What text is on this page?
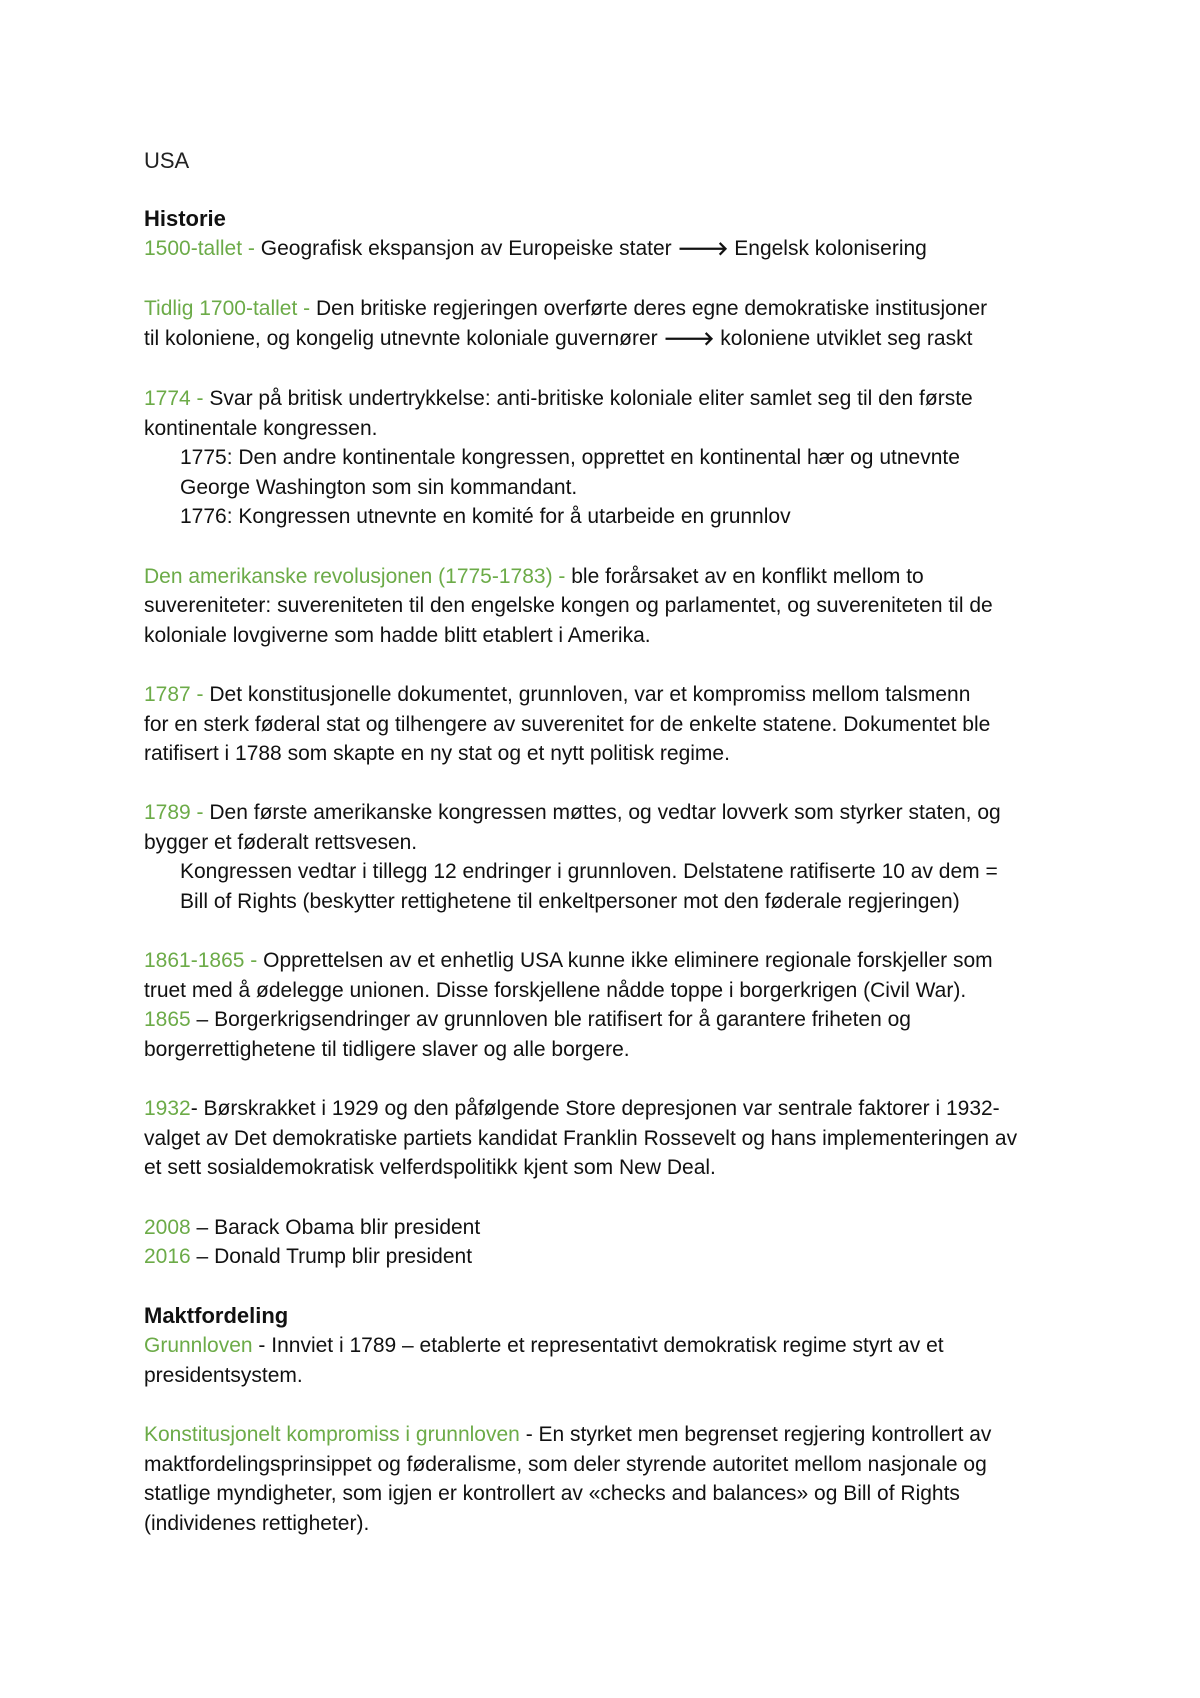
USA
Historie
1500-tallet - Geografisk ekspansjon av Europeiske stater 🡒 Engelsk kolonisering
Tidlig 1700-tallet - Den britiske regjeringen overførte deres egne demokratiske institusjoner
til koloniene, og kongelig utnevnte koloniale guvernører 🡒 koloniene utviklet seg raskt
1774 - Svar på britisk undertrykkelse: anti-britiske koloniale eliter samlet seg til den første
kontinentale kongressen.
1775: Den andre kontinentale kongressen, opprettet en kontinental hær og utnevnte
George Washington som sin kommandant.
1776: Kongressen utnevnte en komité for å utarbeide en grunnlov
Den amerikanske revolusjonen (1775-1783) - ble forårsaket av en konflikt mellom to
suvereniteter: suvereniteten til den engelske kongen og parlamentet, og suvereniteten til de
koloniale lovgiverne som hadde blitt etablert i Amerika.
1787 - Det konstitusjonelle dokumentet, grunnloven, var et kompromiss mellom talsmenn
for en sterk føderal stat og tilhengere av suverenitet for de enkelte statene. Dokumentet ble
ratifisert i 1788 som skapte en ny stat og et nytt politisk regime.
1789 - Den første amerikanske kongressen møttes, og vedtar lovverk som styrker staten, og
bygger et føderalt rettsvesen.
Kongressen vedtar i tillegg 12 endringer i grunnloven. Delstatene ratifiserte 10 av dem =
Bill of Rights (beskytter rettighetene til enkeltpersoner mot den føderale regjeringen)
1861-1865 - Opprettelsen av et enhetlig USA kunne ikke eliminere regionale forskjeller som
truet med å ødelegge unionen. Disse forskjellene nådde toppe i borgerkrigen (Civil War).
1865 – Borgerkrigsendringer av grunnloven ble ratifisert for å garantere friheten og
borgerrettighetene til tidligere slaver og alle borgere.
1932- Børskrakket i 1929 og den påfølgende Store depresjonen var sentrale faktorer i 1932-
valget av Det demokratiske partiets kandidat Franklin Rossevelt og hans implementeringen av
et sett sosialdemokratisk velferdspolitikk kjent som New Deal.
2008 – Barack Obama blir president
2016 – Donald Trump blir president
Maktfordeling
Grunnloven - Innviet i 1789 – etablerte et representativt demokratisk regime styrt av et
presidentsystem.
Konstitusjonelt kompromiss i grunnloven - En styrket men begrenset regjering kontrollert av
maktfordelingsprinsippet og føderalisme, som deler styrende autoritet mellom nasjonale og
statlige myndigheter, som igjen er kontrollert av «checks and balances» og Bill of Rights
(individenes rettigheter).
